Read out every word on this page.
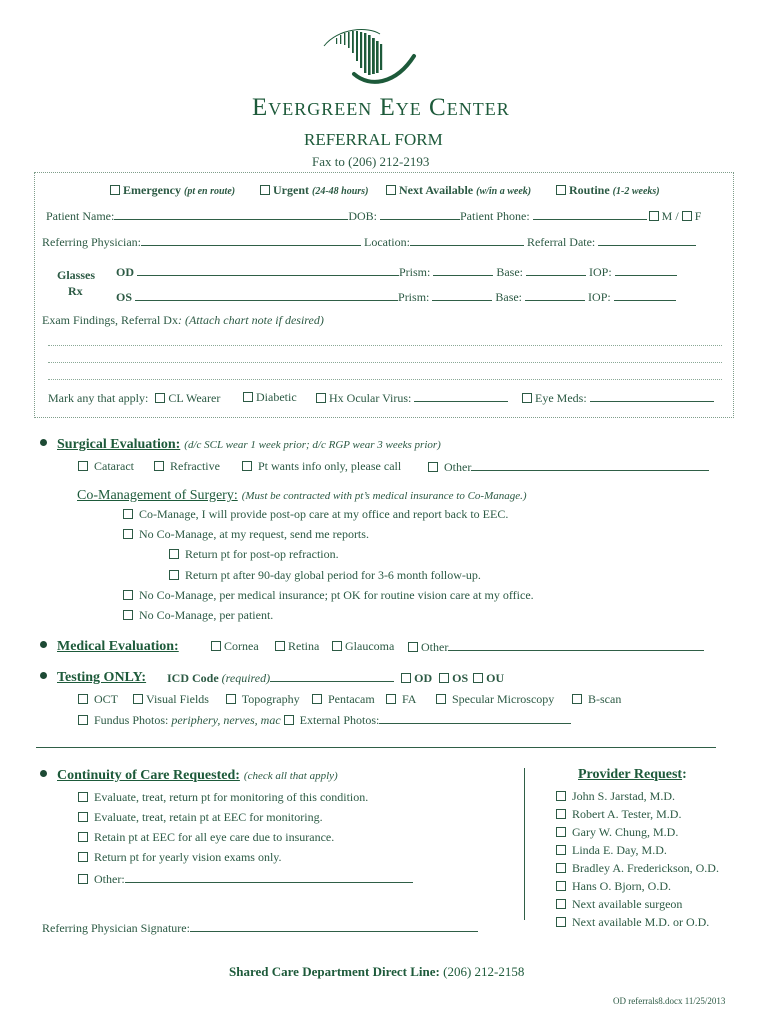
Evergreen Eye Center
REFERRAL FORM
Fax to (206) 212-2193
Emergency (pt en route)	Urgent (24-48 hours)	Next Available (w/in a week)	Routine (1-2 weeks)
Patient Name:	DOB:	Patient Phone:	M / F
Referring Physician:	Location:	Referral Date:
Glasses
Rx
OD	Prism:	Base:	IOP:
OS	Prism:	Base:	IOP:
Exam Findings, Referral Dx: (Attach chart note if desired)
Mark any that apply: CL Wearer	Diabetic	Hx Ocular Virus:	Eye Meds:
Surgical Evaluation: (d/c SCL wear 1 week prior; d/c RGP wear 3 weeks prior)
Cataract	Refractive	Pt wants info only, please call	Other
Co-Management of Surgery: (Must be contracted with pt’s medical insurance to Co-Manage.)
Co-Manage, I will provide post-op care at my office and report back to EEC.
No Co-Manage, at my request, send me reports.
Return pt for post-op refraction.
Return pt after 90-day global period for 3-6 month follow-up.
No Co-Manage, per medical insurance; pt OK for routine vision care at my office.
No Co-Manage, per patient.
Medical Evaluation:	Cornea	Retina	Glaucoma	Other
Testing ONLY: ICD Code (required)	OD OS OU
OCT	Visual Fields	Topography	Pentacam	FA	Specular Microscopy	B-scan
Fundus Photos: periphery, nerves, mac External Photos:
Continuity of Care Requested: (check all that apply)
Evaluate, treat, return pt for monitoring of this condition.
Evaluate, treat, retain pt at EEC for monitoring.
Retain pt at EEC for all eye care due to insurance.
Return pt for yearly vision exams only.
Other:
Provider Request:
John S. Jarstad, M.D.
Robert A. Tester, M.D.
Gary W. Chung, M.D.
Linda E. Day, M.D.
Bradley A. Frederickson, O.D.
Hans O. Bjorn, O.D.
Next available surgeon
Next available M.D. or O.D.
Referring Physician Signature:
Shared Care Department Direct Line: (206) 212-2158
OD referrals8.docx 11/25/2013
